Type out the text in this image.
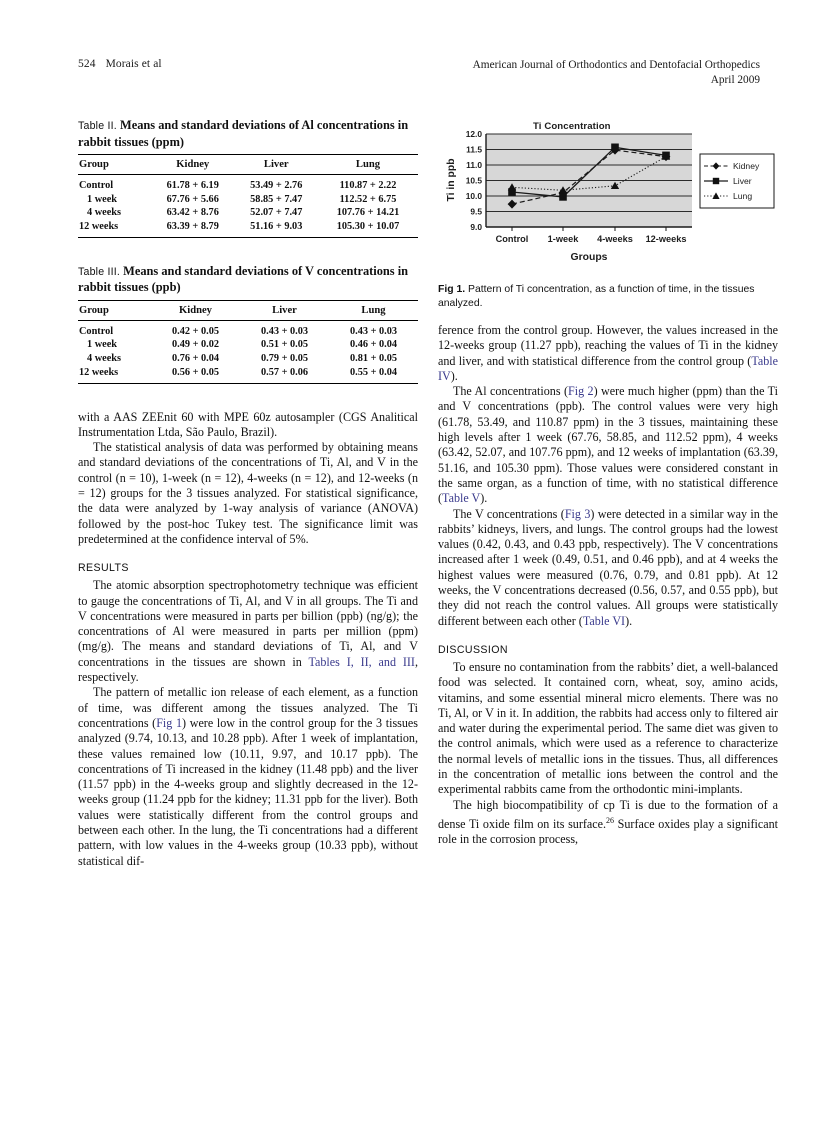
524 Morais et al	American Journal of Orthodontics and Dentofacial Orthopedics
April 2009
Table II. Means and standard deviations of Al concentrations in rabbit tissues (ppm)
Group	Kidney	Liver	Lung
Control	61.78 + 6.19	53.49 + 2.76	110.87 + 2.22
1 week	67.76 + 5.66	58.85 + 7.47	112.52 + 6.75
4 weeks	63.42 + 8.76	52.07 + 7.47	107.76 + 14.21
12 weeks	63.39 + 8.79	51.16 + 9.03	105.30 + 10.07
Table III. Means and standard deviations of V concentrations in rabbit tissues (ppb)
Group	Kidney	Liver	Lung
Control	0.42 + 0.05	0.43 + 0.03	0.43 + 0.03
1 week	0.49 + 0.02	0.51 + 0.05	0.46 + 0.04
4 weeks	0.76 + 0.04	0.79 + 0.05	0.81 + 0.05
12 weeks	0.56 + 0.05	0.57 + 0.06	0.55 + 0.04

with a AAS ZEEnit 60 with MPE 60z autosampler (CGS Analitical Instrumentation Ltda, São Paulo, Brazil).

The statistical analysis of data was performed by obtaining means and standard deviations of the concentrations of Ti, Al, and V in the control (n = 10), 1-week (n = 12), 4-weeks (n = 12), and 12-weeks (n = 12) groups for the 3 tissues analyzed. For statistical significance, the data were analyzed by 1-way analysis of variance (ANOVA) followed by the post-hoc Tukey test. The significance limit was predetermined at the confidence interval of 5%.

RESULTS

The atomic absorption spectrophotometry technique was efficient to gauge the concentrations of Ti, Al, and V in all groups. The Ti and V concentrations were measured in parts per billion (ppb) (ng/g); the concentrations of Al were measured in parts per million (ppm) (mg/g). The means and standard deviations of Ti, Al, and V concentrations in the tissues are shown in Tables I, II, and III, respectively.

The pattern of metallic ion release of each element, as a function of time, was different among the tissues analyzed. The Ti concentrations (Fig 1) were low in the control group for the 3 tissues analyzed (9.74, 10.13, and 10.28 ppb). After 1 week of implantation, these values remained low (10.11, 9.97, and 10.17 ppb). The concentrations of Ti increased in the kidney (11.48 ppb) and the liver (11.57 ppb) in the 4-weeks group and slightly decreased in the 12-weeks group (11.24 ppb for the kidney; 11.31 ppb for the liver). Both values were statistically different from the control groups and between each other. In the lung, the Ti concentrations had a different pattern, with low values in the 4-weeks group (10.33 ppb), without statistical dif-

Ti Concentration
12.0
11.5
11.0
10.5
10.0
9.5
9.0
Ti in ppb
Control 1-week 4-weeks 12-weeks
Groups
Kidney
Liver
Lung
Fig 1. Pattern of Ti concentration, as a function of time, in the tissues analyzed.

ference from the control group. However, the values increased in the 12-weeks group (11.27 ppb), reaching the values of Ti in the kidney and liver, and with statistical difference from the control group (Table IV).

The Al concentrations (Fig 2) were much higher (ppm) than the Ti and V concentrations (ppb). The control values were very high (61.78, 53.49, and 110.87 ppm) in the 3 tissues, maintaining these high levels after 1 week (67.76, 58.85, and 112.52 ppm), 4 weeks (63.42, 52.07, and 107.76 ppm), and 12 weeks of implantation (63.39, 51.16, and 105.30 ppm). Those values were considered constant in the same organ, as a function of time, with no statistical difference (Table V).

The V concentrations (Fig 3) were detected in a similar way in the rabbits’ kidneys, livers, and lungs. The control groups had the lowest values (0.42, 0.43, and 0.43 ppb, respectively). The V concentrations increased after 1 week (0.49, 0.51, and 0.46 ppb), and at 4 weeks the highest values were measured (0.76, 0.79, and 0.81 ppb). At 12 weeks, the V concentrations decreased (0.56, 0.57, and 0.55 ppb), but they did not reach the control values. All groups were statistically different between each other (Table VI).

DISCUSSION

To ensure no contamination from the rabbits’ diet, a well-balanced food was selected. It contained corn, wheat, soy, amino acids, vitamins, and some essential mineral micro elements. There was no Ti, Al, or V in it. In addition, the rabbits had access only to filtered air and water during the experimental period. The same diet was given to the control animals, which were used as a reference to characterize the normal levels of metallic ions in the tissues. Thus, all differences in the concentration of metallic ions between the control and the experimental rabbits came from the orthodontic mini-implants.

The high biocompatibility of cp Ti is due to the formation of a dense Ti oxide film on its surface.$^{26}$ Surface oxides play a significant role in the corrosion process,
